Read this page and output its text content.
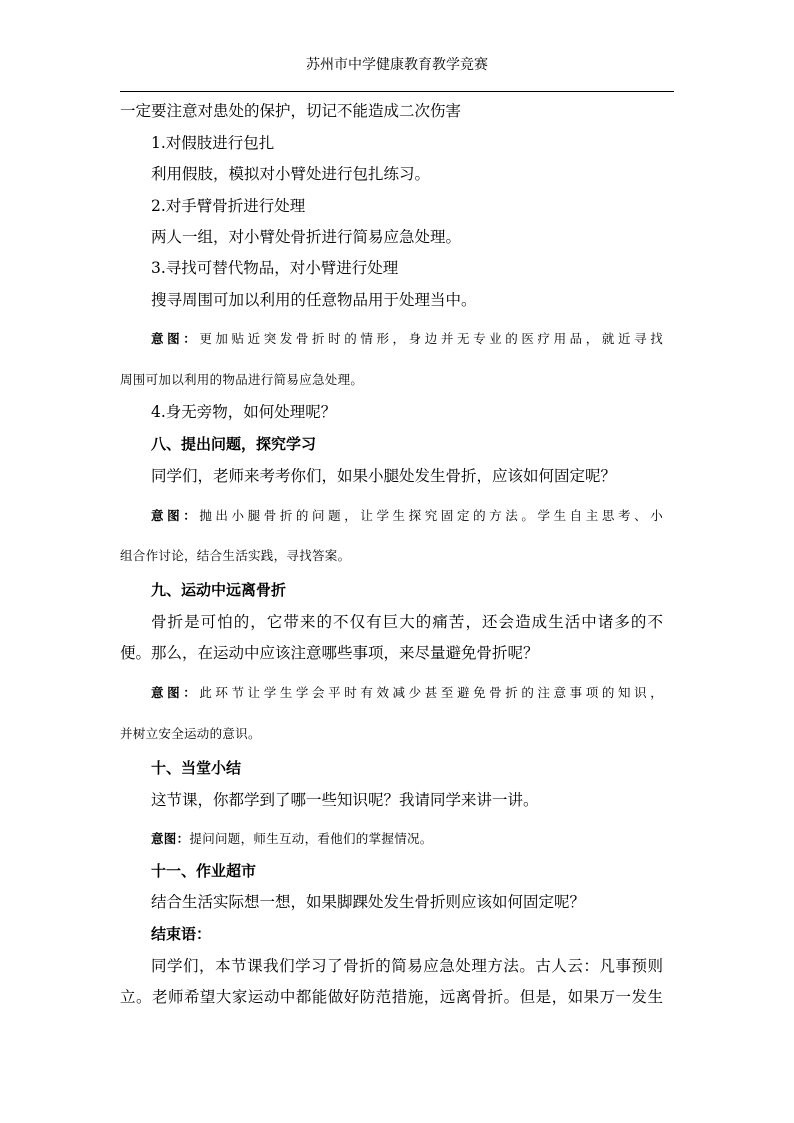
苏州市中学健康教育教学竞赛
一定要注意对患处的保护，切记不能造成二次伤害
1.对假肢进行包扎
利用假肢，模拟对小臂处进行包扎练习。
2.对手臂骨折进行处理
两人一组，对小臂处骨折进行简易应急处理。
3.寻找可替代物品，对小臂进行处理
搜寻周围可加以利用的任意物品用于处理当中。
意图：更加贴近突发骨折时的情形，身边并无专业的医疗用品，就近寻找
周围可加以利用的物品进行简易应急处理。
4.身无旁物，如何处理呢？
八、提出问题，探究学习
同学们，老师来考考你们，如果小腿处发生骨折，应该如何固定呢？
意图：抛出小腿骨折的问题，让学生探究固定的方法。学生自主思考、小
组合作讨论，结合生活实践，寻找答案。
九、运动中远离骨折
骨折是可怕的，它带来的不仅有巨大的痛苦，还会造成生活中诸多的不
便。那么，在运动中应该注意哪些事项，来尽量避免骨折呢？
意图：此环节让学生学会平时有效减少甚至避免骨折的注意事项的知识，
并树立安全运动的意识。
十、当堂小结
这节课，你都学到了哪一些知识呢？我请同学来讲一讲。
意图：提问问题，师生互动，看他们的掌握情况。
十一、作业超市
结合生活实际想一想，如果脚踝处发生骨折则应该如何固定呢？
结束语：
同学们，本节课我们学习了骨折的简易应急处理方法。古人云：凡事预则
立。老师希望大家运动中都能做好防范措施，远离骨折。但是，如果万一发生
